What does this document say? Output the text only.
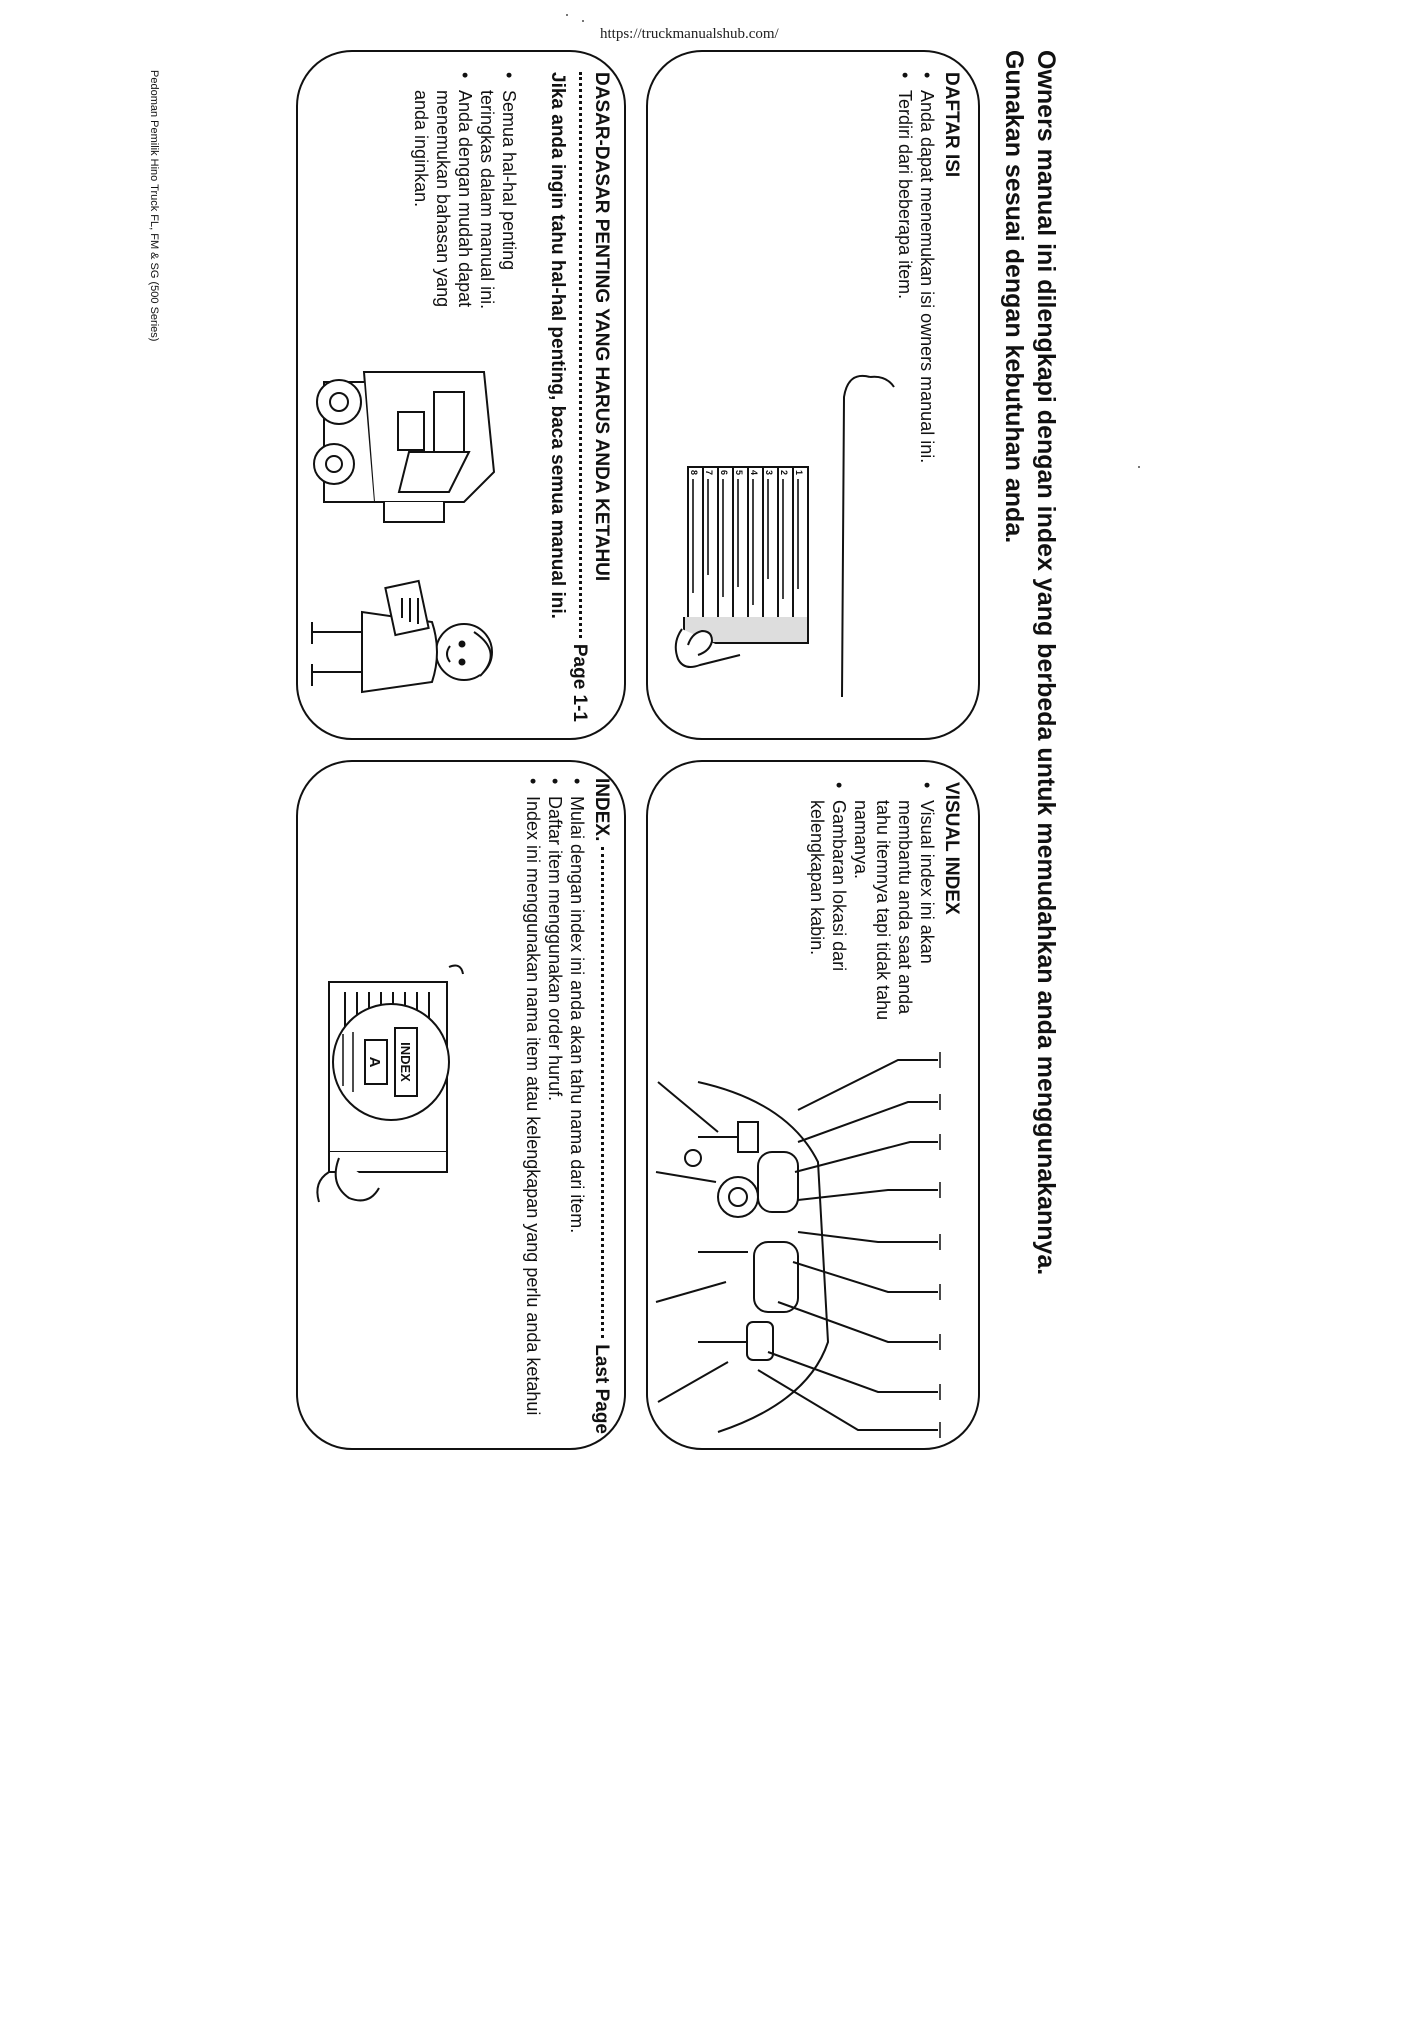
https://truckmanualshub.com/
Owners manual ini dilengkapi dengan index yang berbeda untuk memudahkan anda menggunakannya.
Gunakan sesuai dengan kebutuhan anda.
DAFTAR ISI
• Anda dapat menemukan isi owners manual ini.
• Terdiri dari beberapa item.
1
2
3
4
5
6
7
8
VISUAL INDEX
• Visual index ini akan membantu anda saat anda tahu itemnya tapi tidak tahu namanya.
• Gambaran lokasi dari kelengkapan kabin.
DASAR-DASAR PENTING YANG HARUS ANDA KETAHUI
Page 1-1
Jika anda ingin tahu hal-hal penting, baca semua manual ini.
• Semua hal-hal penting teringkas dalam manual ini.
• Anda dengan mudah dapat menemukan bahasan yang anda inginkan.
INDEX.
Last Page
• Mulai dengan index ini anda akan tahu nama dari item.
• Daftar item menggunakan order huruf.
• Index ini menggunakan nama item atau kelengkapan yang perlu anda ketahui
INDEX
A
Pedoman Pemilik Hino Truck FL, FM & SG (500 Series)
